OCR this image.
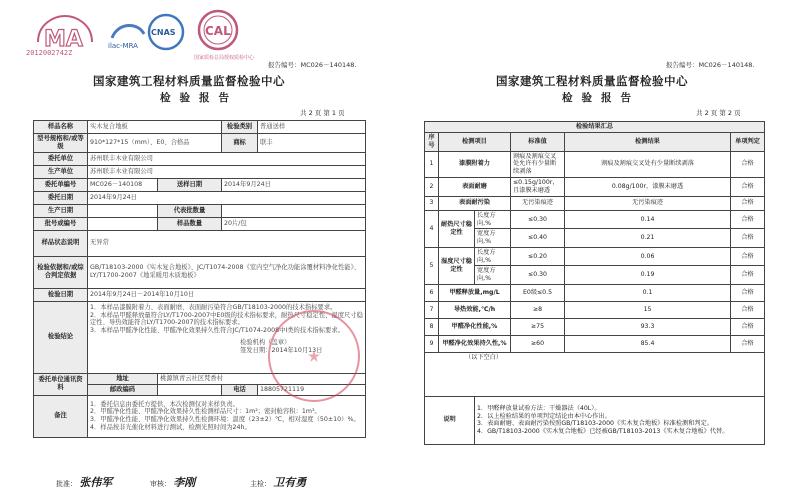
MA
2012002742Z
ilac-MRA
CNAS CAL
国家质检总局授权质检中心
报告编号：MC026－140148.
国家建筑工程材料质量监督检验中心
检验报告
共 2 页 第 1 页
样品名称	实木复合地板		检验类别	普通送样
型号规格和/或等级	910*127*15（mm）、E0、合格品		商标	联丰
委托单位	苏州联丰木业有限公司			
生产单位	苏州联丰木业有限公司			
委托单编号	MC026－140108	送样日期	2014年9月24日	
委托日期	2014年9月24日			
生产日期		代表批数量		
批号或编号		样品数量	20片/包	
样品状态说明	无异常			
检验依据和/或综合判定依据	GB/T18103-2000《实木复合地板》、JC/T1074-2008《室内空气净化功能涂覆材料净化性能》、LY/T1700-2007《地采暖用木质地板》			
检验日期	2014年9月24日－2014年10月10日			
检验结论	1．本样品漆膜附着力、表面耐磨、表面耐污染符合GB/T18103-2000的技术指标要求。
2．本样品甲醛释放量符合LY/T1700-2007中E0级的技术指标要求，耐热尺寸稳定性、湿度尺寸稳定性、导热效能符合LY/T1700-2007的技术指标要求。
3．本样品甲醛净化性能、甲醛净化效果持久性符合JC/T1074-2008中I类的技术指标要求。
检验机构（盖章）
签发日期：2014年10月13日			

委托单位通讯资料	地址	桃源镇青云社区梵香村		
	邮政编码		电话	18805721119
备注	1．委托信息由委托方提供，本次检测仅对来样负责。
2．甲醛净化性能、甲醛净化效果持久性检测样品尺寸：1m²；密封舱容积：1m³。
3．甲醛净化性能、甲醛净化效果持久性检测环境：温度（23±2）℃，相对湿度（50±10）%。
4．样品按非光催化材料进行测试，检测光照时间为24h。			
批准： 张伟军	审核： 李刚	主检： 卫有勇
报告编号：MC026－140148.
国家建筑工程材料质量监督检验中心
检验报告
共 2 页 第 2 页
检验结果汇总					
序号	检测项目		标准值	检测结果	单项判定
1	漆膜附着力		割痕及割痕交叉处允许有少量断续剥落	割痕及割痕交叉处有少量断续剥落	合格
2	表面耐磨		≤0.15g/100r，且漆膜未磨透	0.08g/100r，漆膜未磨透	合格
3	表面耐污染		无污染痕迹	无污染痕迹	合格
4	耐热尺寸稳定性	长度方向,%	≤0.30	0.14	合格
		宽度方向,%	≤0.40	0.21	合格
5	湿度尺寸稳定性	长度方向,%	≤0.20	0.06	合格
		宽度方向,%	≤0.30	0.19	合格
6	甲醛释放量,mg/L		E0级≤0.5	0.1	合格
7	导热效能,℃/h		≥8	15	合格
8	甲醛净化性能,%		≥75	93.3	合格
9	甲醛净化效果持久性,%		≥60	85.4	合格
（以下空白）					
说明		1．甲醛释放量试验方法：干燥器法（40L）。
2．以上检验结果的单项判定结论由本中心作出。
3．表面耐磨、表面耐污染按照GB/T18103-2000《实木复合地板》标准检测和判定。
4．GB/T18103-2000《实木复合地板》已经被GB/T18103-2013《实木复合地板》代替。			
